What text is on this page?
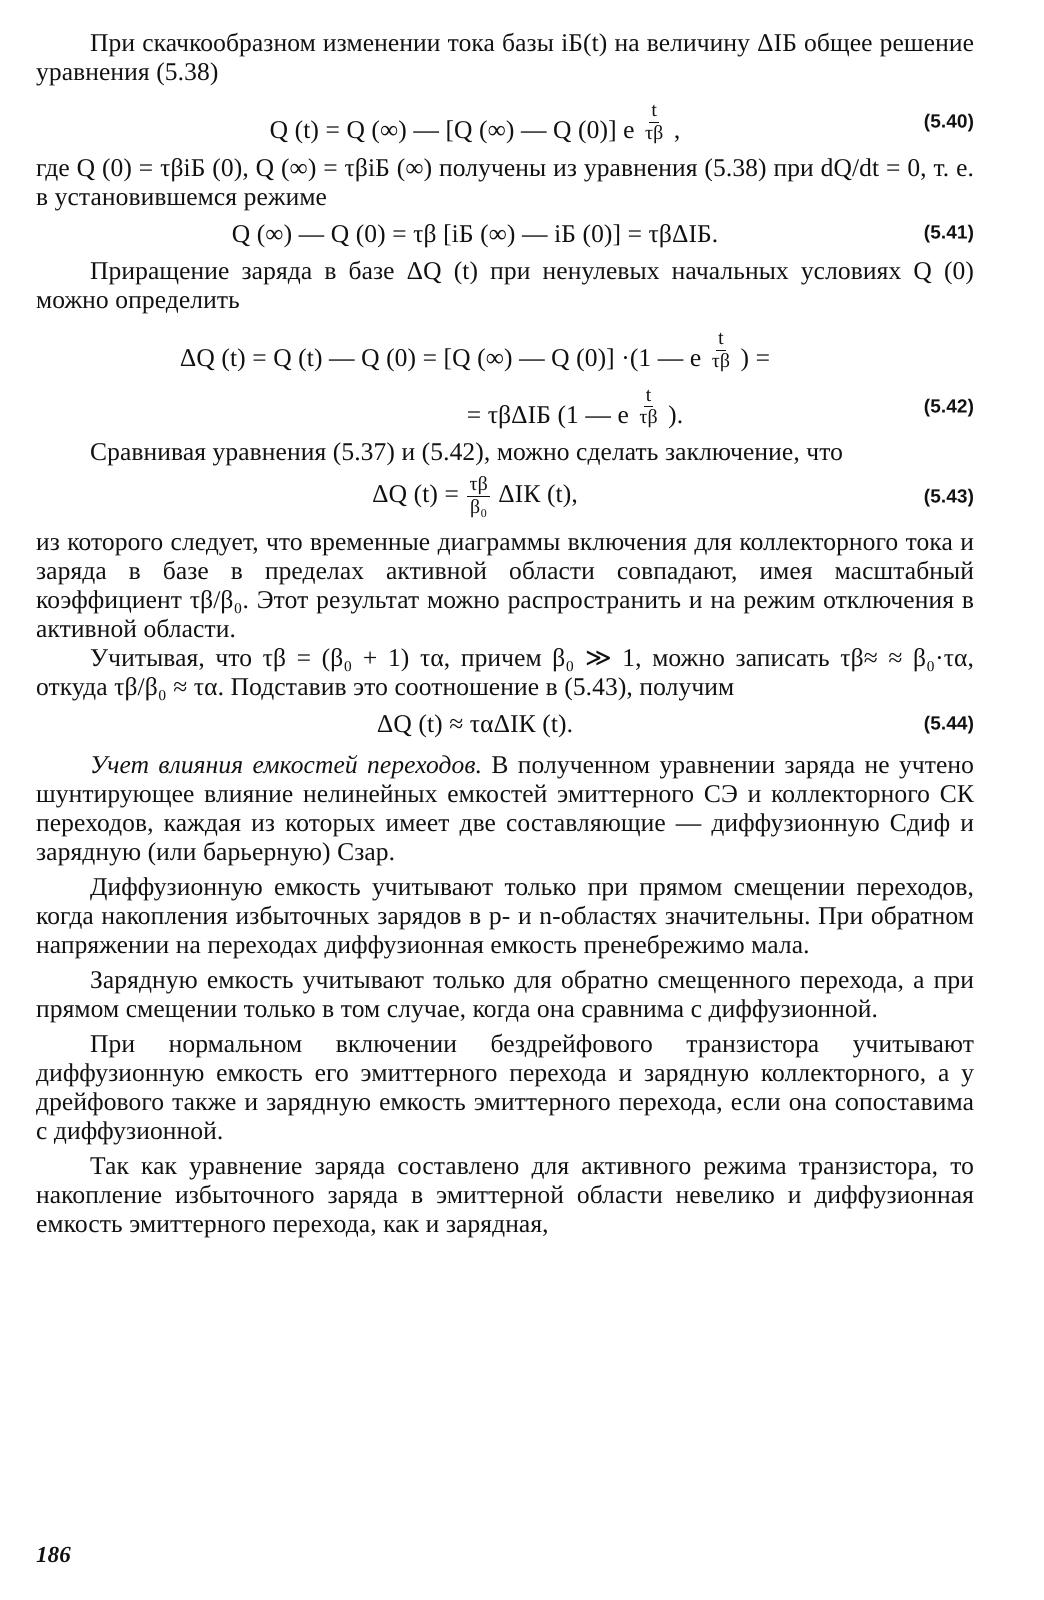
При скачкообразном изменении тока базы iБ(t) на величину ΔIБ общее решение уравнения (5.38)

Q (t) = Q (∞) — [Q (∞) — Q (0)] e $\frac{t}{\tau\beta}$ ,	(5.40)

где Q (0) = τβiБ (0), Q (∞) = τβiБ (∞) получены из уравнения (5.38) при dQ/dt = 0, т. е. в установившемся режиме

Q (∞) — Q (0) = τβ [iБ (∞) — iБ (0)] = τβΔIБ.	(5.41)

Приращение заряда в базе ΔQ (t) при ненулевых начальных условиях Q (0) можно определить

ΔQ (t) = Q (t) — Q (0) = [Q (∞) — Q (0)] ·(1 — e $\frac{t}{\tau\beta}$ ) =
= τβΔIБ (1 — e $\frac{t}{\tau\beta}$ ).	(5.42)

Сравнивая уравнения (5.37) и (5.42), можно сделать заключение, что

ΔQ $(t) = \frac{\tau\beta}{\text{β₀}}$ ΔIК (t),	(5.43)

из которого следует, что временные диаграммы включения для коллекторного тока и заряда в базе в пределах активной области совпадают, имея масштабный коэффициент τβ/β₀. Этот результат можно распространить и на режим отключения в активной области.

Учитывая, что τβ = (β₀ + 1) τα, причем β₀ ≫ 1, можно записать τβ≈ ≈ β₀·τα, откуда τβ/β₀ ≈ τα. Подставив это соотношение в (5.43), получим

ΔQ (t) ≈ ταΔIК (t).	(5.44)

Учет влияния емкостей переходов. В полученном уравнении заряда не учтено шунтирующее влияние нелинейных емкостей эмиттерного CЭ и коллекторного CК переходов, каждая из которых имеет две составляющие — диффузионную Cдиф и зарядную (или барьерную) Cзар.

Диффузионную емкость учитывают только при прямом смещении переходов, когда накопления избыточных зарядов в p- и n-областях значительны. При обратном напряжении на переходах диффузионная емкость пренебрежимо мала.

Зарядную емкость учитывают только для обратно смещенного перехода, а при прямом смещении только в том случае, когда она сравнима с диффузионной.

При нормальном включении бездрейфового транзистора учитывают диффузионную емкость его эмиттерного перехода и зарядную коллекторного, а у дрейфового также и зарядную емкость эмиттерного перехода, если она сопоставима с диффузионной.

Так как уравнение заряда составлено для активного режима транзистора, то накопление избыточного заряда в эмиттерной области невелико и диффузионная емкость эмиттерного перехода, как и зарядная,

186
